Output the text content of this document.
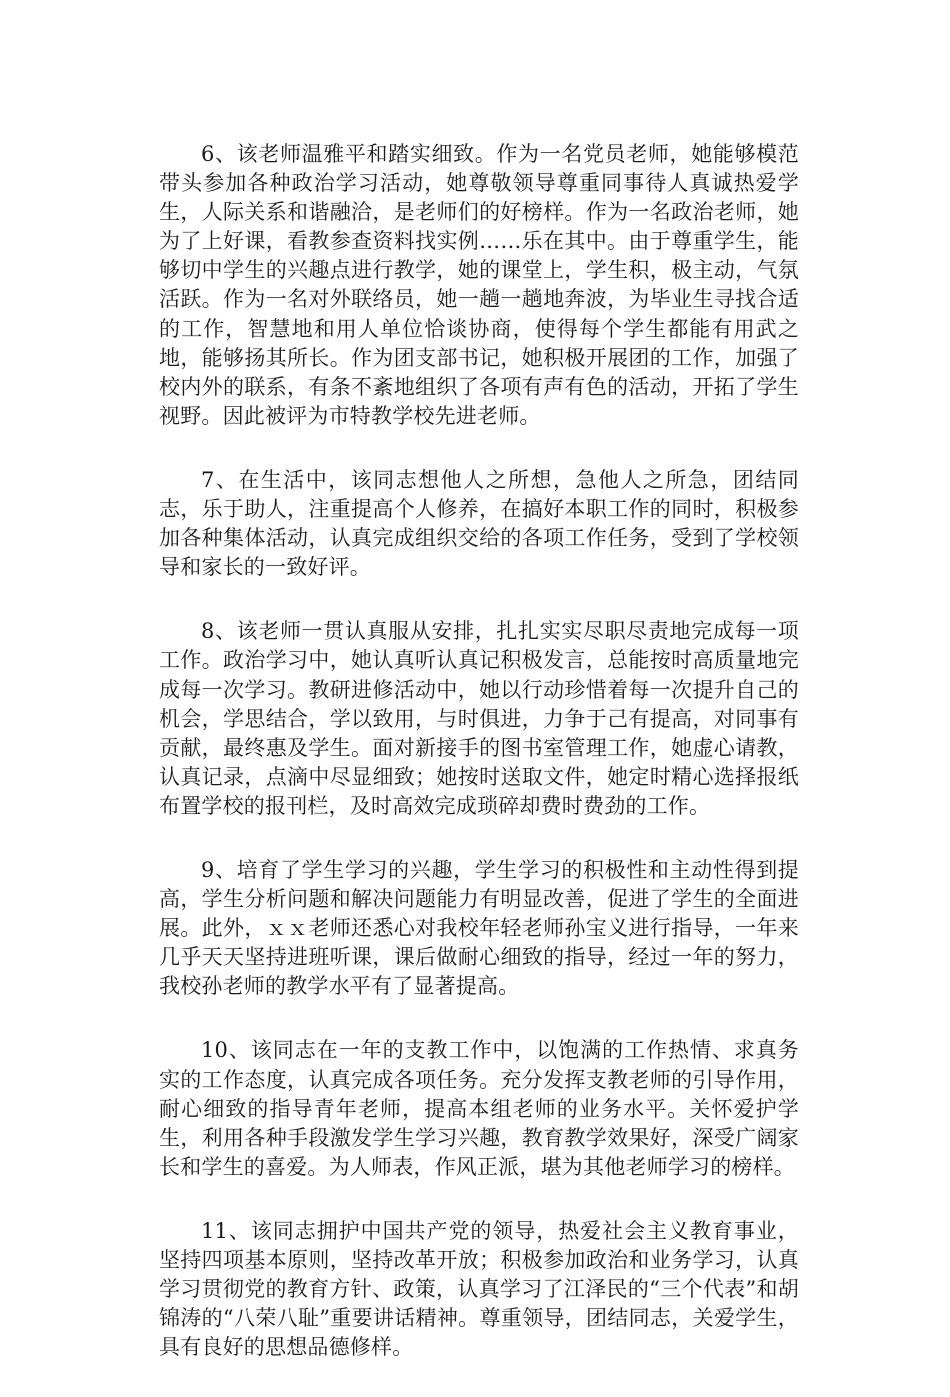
6、该老师温雅平和踏实细致。作为一名党员老师，她能够模范带头参加各种政治学习活动，她尊敬领导尊重同事待人真诚热爱学生，人际关系和谐融洽，是老师们的好榜样。作为一名政治老师，她为了上好课，看教参查资料找实例……乐在其中。由于尊重学生，能够切中学生的兴趣点进行教学，她的课堂上，学生积，极主动，气氛活跃。作为一名对外联络员，她一趟一趟地奔波，为毕业生寻找合适的工作，智慧地和用人单位恰谈协商，使得每个学生都能有用武之地，能够扬其所长。作为团支部书记，她积极开展团的工作，加强了校内外的联系，有条不紊地组织了各项有声有色的活动，开拓了学生视野。因此被评为市特教学校先进老师。

7、在生活中，该同志想他人之所想，急他人之所急，团结同志，乐于助人，注重提高个人修养，在搞好本职工作的同时，积极参加各种集体活动，认真完成组织交给的各项工作任务，受到了学校领导和家长的一致好评。

8、该老师一贯认真服从安排，扎扎实实尽职尽责地完成每一项工作。政治学习中，她认真听认真记积极发言，总能按时高质量地完成每一次学习。教研进修活动中，她以行动珍惜着每一次提升自己的机会，学思结合，学以致用，与时俱进，力争于己有提高，对同事有贡献，最终惠及学生。面对新接手的图书室管理工作，她虚心请教，认真记录，点滴中尽显细致；她按时送取文件，她定时精心选择报纸布置学校的报刊栏，及时高效完成琐碎却费时费劲的工作。

9、培育了学生学习的兴趣，学生学习的积极性和主动性得到提高，学生分析问题和解决问题能力有明显改善，促进了学生的全面进展。此外，ｘｘ老师还悉心对我校年轻老师孙宝义进行指导，一年来几乎天天坚持进班听课，课后做耐心细致的指导，经过一年的努力，我校孙老师的教学水平有了显著提高。

10、该同志在一年的支教工作中，以饱满的工作热情、求真务实的工作态度，认真完成各项任务。充分发挥支教老师的引导作用，耐心细致的指导青年老师，提高本组老师的业务水平。关怀爱护学生，利用各种手段激发学生学习兴趣，教育教学效果好，深受广阔家长和学生的喜爱。为人师表，作风正派，堪为其他老师学习的榜样。

11、该同志拥护中国共产党的领导，热爱社会主义教育事业，坚持四项基本原则，坚持改革开放；积极参加政治和业务学习，认真学习贯彻党的教育方针、政策，认真学习了江泽民的“三个代表”和胡锦涛的“八荣八耻”重要讲话精神。尊重领导，团结同志，关爱学生，具有良好的思想品德修样。
